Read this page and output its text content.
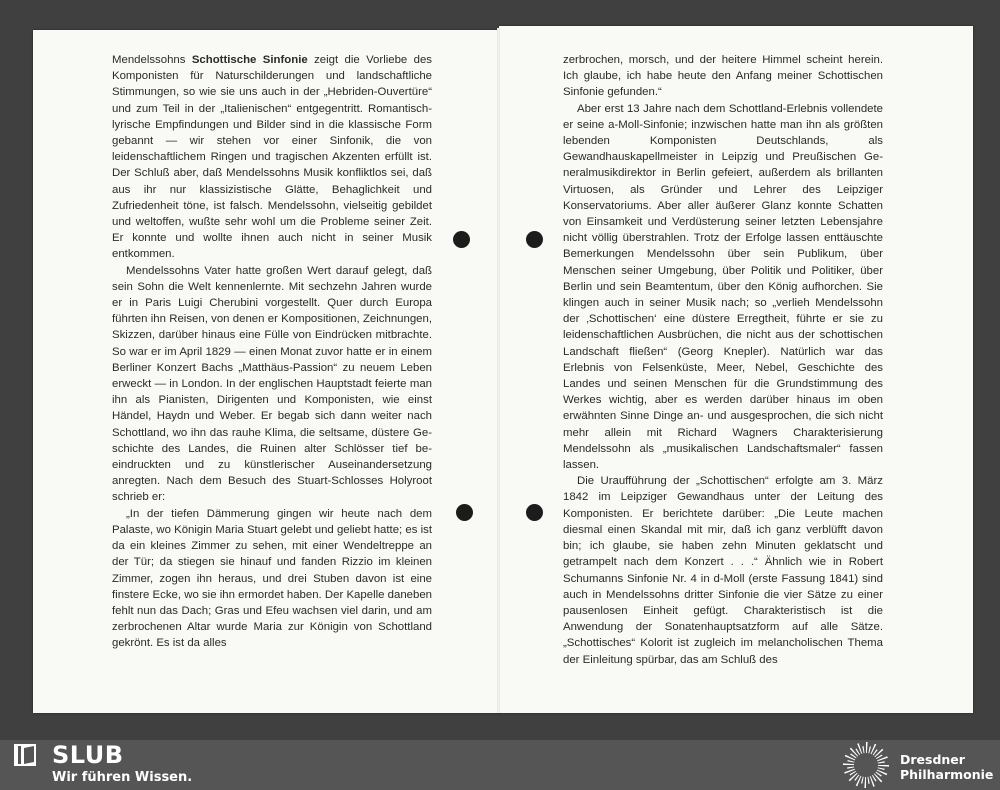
Mendelssohns Schottische Sinfonie zeigt die Vorliebe des Komponisten für Naturschilderungen und landschaftliche Stimmungen, so wie sie uns auch in der „Hebriden-Ouvertüre“ und zum Teil in der „Italienischen“ entgegentritt. Romantisch-lyrische Empfindungen und Bilder sind in die klassische Form gebannt — wir stehen vor einer Sinfonik, die von leidenschaftlichem Ringen und tragischen Akzenten erfüllt ist. Der Schluß aber, daß Mendelssohns Musik konfliktlos sei, daß aus ihr nur klassizistische Glätte, Behaglichkeit und Zufriedenheit töne, ist falsch. Mendelssohn, vielseitig gebildet und weltoffen, wußte sehr wohl um die Probleme seiner Zeit. Er konnte und wollte ihnen auch nicht in seiner Musik entkommen.

Mendelssohns Vater hatte großen Wert darauf gelegt, daß sein Sohn die Welt kennenlernte. Mit sechzehn Jahren wurde er in Paris Luigi Cherubini vorgestellt. Quer durch Europa führten ihn Reisen, von denen er Kompositionen, Zeichnungen, Skizzen, darüber hinaus eine Fülle von Eindrücken mitbrachte. So war er im April 1829 — einen Monat zuvor hatte er in einem Berliner Konzert Bachs „Matthäus-Passion“ zu neuem Leben erweckt — in London. In der englischen Hauptstadt feierte man ihn als Pianisten, Dirigenten und Komponisten, wie einst Händel, Haydn und Weber. Er begab sich dann weiter nach Schottland, wo ihn das rauhe Klima, die seltsame, düstere Geschichte des Landes, die Ruinen alter Schlösser tief beeindruckten und zu künstlerischer Auseinandersetzung anregten. Nach dem Besuch des Stuart-Schlosses Holyroot schrieb er:

„In der tiefen Dämmerung gingen wir heute nach dem Palaste, wo Königin Maria Stuart gelebt und geliebt hatte; es ist da ein kleines Zimmer zu sehen, mit einer Wendeltreppe an der Tür; da stiegen sie hinauf und fanden Rizzio im kleinen Zimmer, zogen ihn heraus, und drei Stuben davon ist eine finstere Ecke, wo sie ihn ermordet haben. Der Kapelle daneben fehlt nun das Dach; Gras und Efeu wachsen viel darin, und am zerbrochenen Altar wurde Maria zur Königin von Schottland gekrönt. Es ist da alles

zerbrochen, morsch, und der heitere Himmel scheint herein. Ich glaube, ich habe heute den Anfang meiner Schottischen Sinfonie gefunden.“

Aber erst 13 Jahre nach dem Schottland-Erlebnis vollendete er seine a-Moll-Sinfonie; inzwischen hatte man ihn als größten lebenden Komponisten Deutschlands, als Gewandhauskapellmeister in Leipzig und Preußischen Generalmusikdirektor in Berlin gefeiert, außerdem als brillanten Virtuosen, als Gründer und Lehrer des Leipziger Konservatoriums. Aber aller äußerer Glanz konnte Schatten von Einsamkeit und Verdüsterung seiner letzten Lebensjahre nicht völlig überstrahlen. Trotz der Erfolge lassen enttäuschte Bemerkungen Mendelssohn über sein Publikum, über Menschen seiner Umgebung, über Politik und Politiker, über Berlin und sein Beamtentum, über den König aufhorchen. Sie klingen auch in seiner Musik nach; so „verlieh Mendelssohn der ‚Schottischen‘ eine düstere Erregtheit, führte er sie zu leidenschaftlichen Ausbrüchen, die nicht aus der schottischen Landschaft fließen“ (Georg Knepler). Natürlich war das Erlebnis von Felsenküste, Meer, Nebel, Geschichte des Landes und seinen Menschen für die Grundstimmung des Werkes wichtig, aber es werden darüber hinaus im oben erwähnten Sinne Dinge an- und ausgesprochen, die sich nicht mehr allein mit Richard Wagners Charakterisierung Mendelssohn als „musikalischen Landschaftsmaler“ fassen lassen.

Die Uraufführung der „Schottischen“ erfolgte am 3. März 1842 im Leipziger Gewandhaus unter der Leitung des Komponisten. Er berichtete darüber: „Die Leute machen diesmal einen Skandal mit mir, daß ich ganz verblüfft davon bin; ich glaube, sie haben zehn Minuten geklatscht und getrampelt nach dem Konzert . . .“ Ähnlich wie in Robert Schumanns Sinfonie Nr. 4 in d-Moll (erste Fassung 1841) sind auch in Mendelssohns dritter Sinfonie die vier Sätze zu einer pausenlosen Einheit gefügt. Charakteristisch ist die Anwendung der Sonatenhauptsatzform auf alle Sätze. „Schottisches“ Kolorit ist zugleich im melancholischen Thema der Einleitung spürbar, das am Schluß des

SLUB
Wir führen Wissen.
Dresdner
Philharmonie
